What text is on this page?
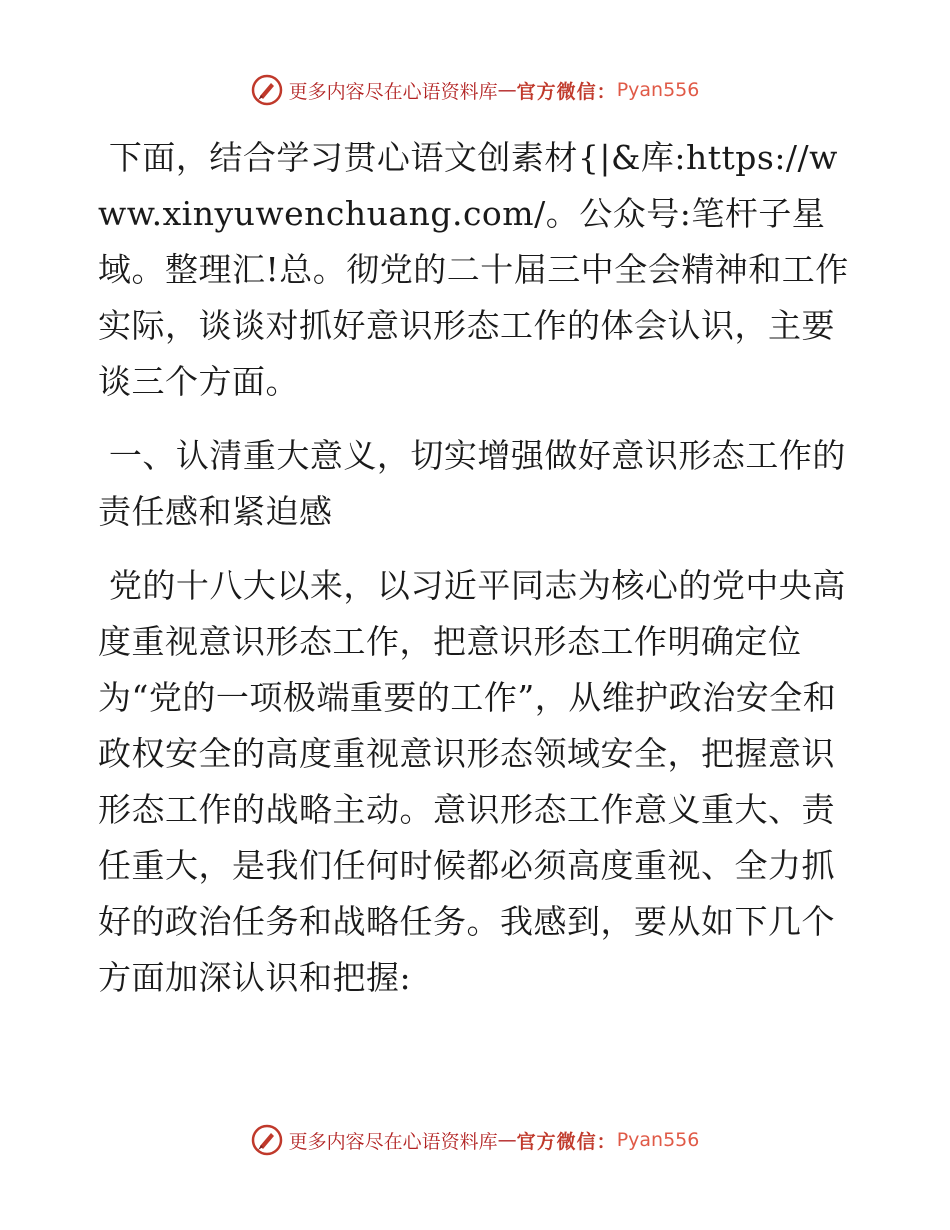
更多内容尽在心语资料库 — 官方微信： Pyan556

下面，结合学习贯心语文创素材{|&库:https://www.xinyuwenchuang.com/。公众号:笔杆子星域。整理汇!总。彻党的二十届三中全会精神和工作实际，谈谈对抓好意识形态工作的体会认识，主要谈三个方面。

一、认清重大意义，切实增强做好意识形态工作的责任感和紧迫感

党的十八大以来，以习近平同志为核心的党中央高度重视意识形态工作，把意识形态工作明确定位为“党的一项极端重要的工作”，从维护政治安全和政权安全的高度重视意识形态领域安全，把握意识形态工作的战略主动。意识形态工作意义重大、责任重大，是我们任何时候都必须高度重视、全力抓好的政治任务和战略任务。我感到，要从如下几个方面加深认识和把握:

更多内容尽在心语资料库 — 官方微信： Pyan556
